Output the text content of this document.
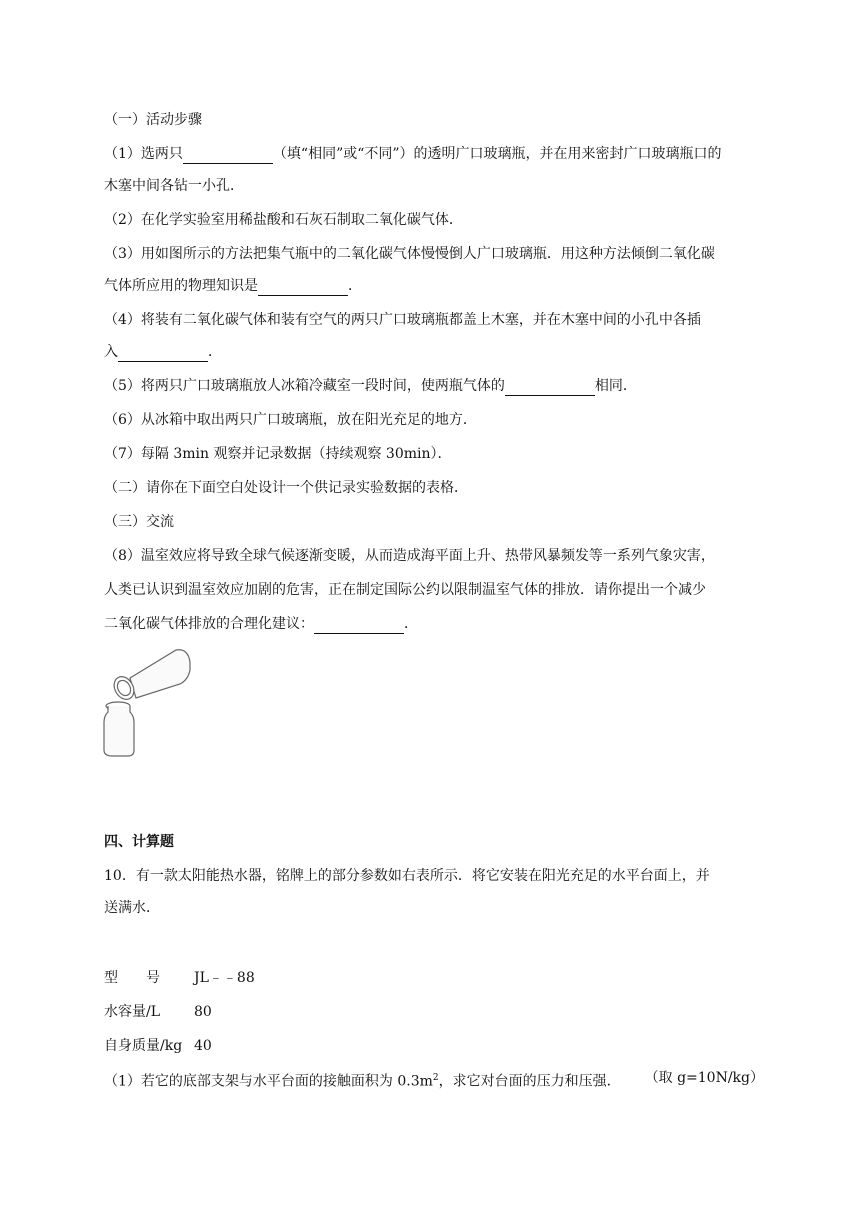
（一）活动步骤
（1）选两只	（填“相同”或“不同”）的透明广口玻璃瓶，并在用来密封广口玻璃瓶口的
木塞中间各钻一小孔．
（2）在化学实验室用稀盐酸和石灰石制取二氧化碳气体．
（3）用如图所示的方法把集气瓶中的二氧化碳气体慢慢倒人广口玻璃瓶．用这种方法倾倒二氧化碳
气体所应用的物理知识是	．
（4）将装有二氧化碳气体和装有空气的两只广口玻璃瓶都盖上木塞，并在木塞中间的小孔中各插
入	．
（5）将两只广口玻璃瓶放人冰箱冷藏室一段时间，使两瓶气体的	相同．
（6）从冰箱中取出两只广口玻璃瓶，放在阳光充足的地方．
（7）每隔 3min 观察并记录数据（持续观察 30min）．
（二）请你在下面空白处设计一个供记录实验数据的表格．
（三）交流
（8）温室效应将导致全球气候逐渐变暖，从而造成海平面上升、热带风暴频发等一系列气象灾害，
人类已认识到温室效应加剧的危害，正在制定国际公约以限制温室气体的排放．请你提出一个减少
二氧化碳气体排放的合理化建议：	．
四、计算题
10．有一款太阳能热水器，铭牌上的部分参数如右表所示．将它安装在阳光充足的水平台面上，并
送满水．
型　　号 JL﹣﹣88
水容量/L 80
自身质量/kg 40
（1）若它的底部支架与水平台面的接触面积为 $0.3m^2$，求它对台面的压力和压强． （取 g=10N/kg）
